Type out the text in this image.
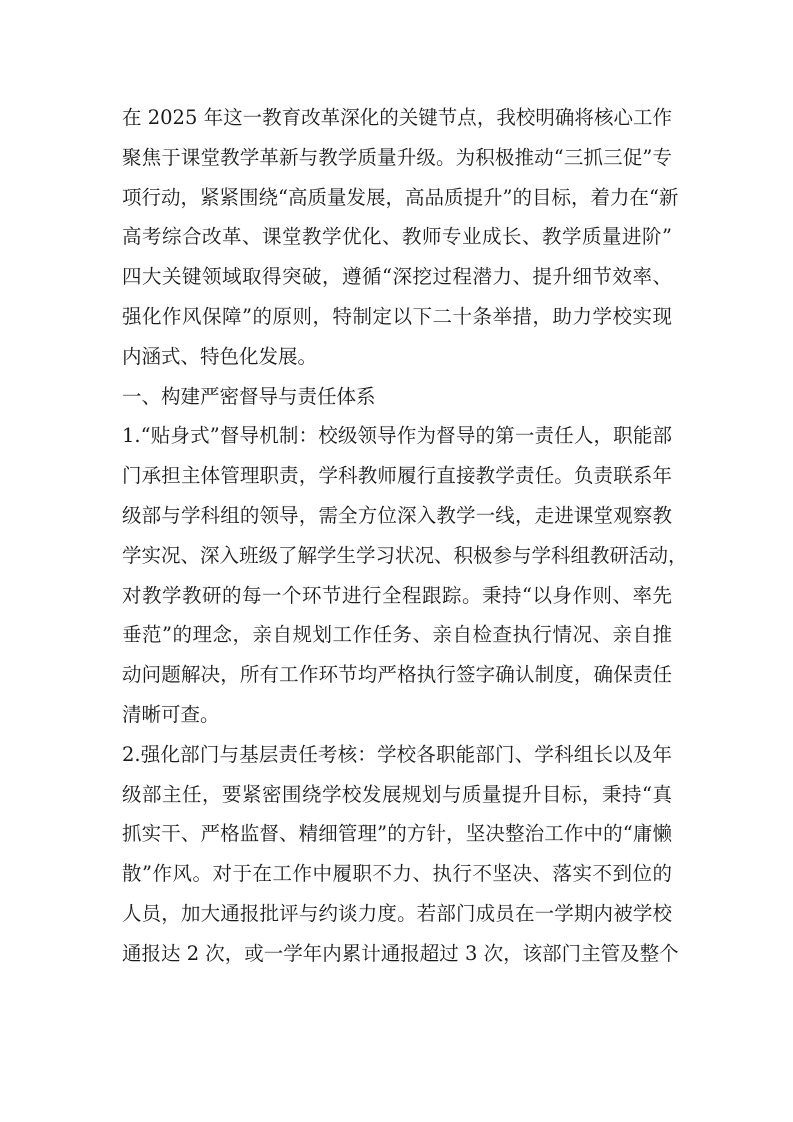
在 2025 年这一教育改革深化的关键节点，我校明确将核心工作
聚焦于课堂教学革新与教学质量升级。为积极推动“三抓三促”专
项行动，紧紧围绕“高质量发展，高品质提升”的目标，着力在“新
高考综合改革、课堂教学优化、教师专业成长、教学质量进阶”
四大关键领域取得突破，遵循“深挖过程潜力、提升细节效率、
强化作风保障”的原则，特制定以下二十条举措，助力学校实现
内涵式、特色化发展。
一、构建严密督导与责任体系
1.“贴身式”督导机制：校级领导作为督导的第一责任人，职能部
门承担主体管理职责，学科教师履行直接教学责任。负责联系年
级部与学科组的领导，需全方位深入教学一线，走进课堂观察教
学实况、深入班级了解学生学习状况、积极参与学科组教研活动，
对教学教研的每一个环节进行全程跟踪。秉持“以身作则、率先
垂范”的理念，亲自规划工作任务、亲自检查执行情况、亲自推
动问题解决，所有工作环节均严格执行签字确认制度，确保责任
清晰可查。
2.强化部门与基层责任考核：学校各职能部门、学科组长以及年
级部主任，要紧密围绕学校发展规划与质量提升目标，秉持“真
抓实干、严格监督、精细管理”的方针，坚决整治工作中的“庸懒
散”作风。对于在工作中履职不力、执行不坚决、落实不到位的
人员，加大通报批评与约谈力度。若部门成员在一学期内被学校
通报达 2 次，或一学年内累计通报超过 3 次，该部门主管及整个
